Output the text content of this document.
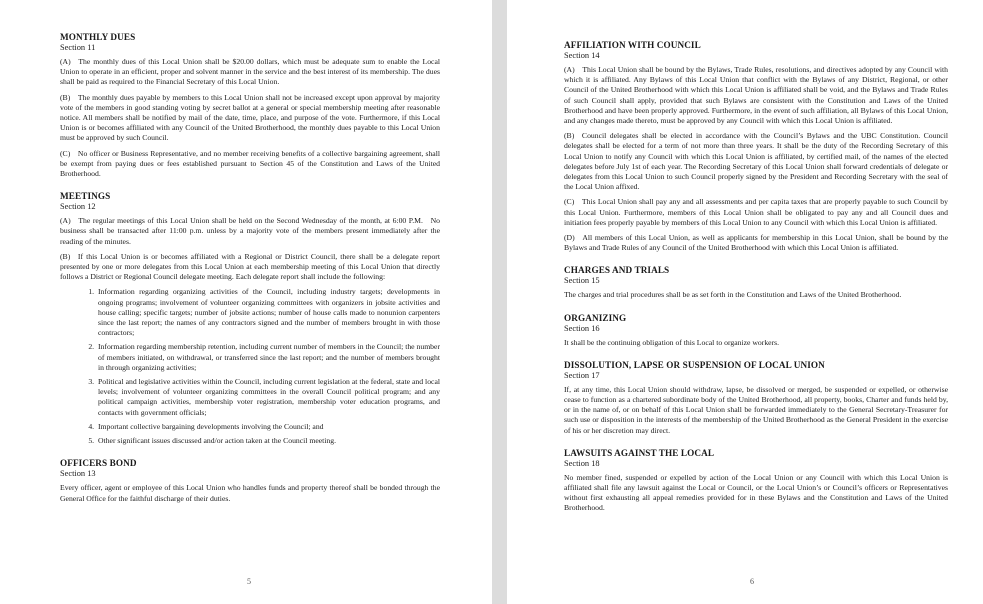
MONTHLY DUES
Section 11

(A) The monthly dues of this Local Union shall be $20.00 dollars, which must be adequate sum to enable the Local Union to operate in an efficient, proper and solvent manner in the service and the best interest of its membership. The dues shall be paid as required to the Financial Secretary of this Local Union.

(B) The monthly dues payable by members to this Local Union shall not be increased except upon approval by majority vote of the members in good standing voting by secret ballot at a general or special membership meeting after reasonable notice. All members shall be notified by mail of the date, time, place, and purpose of the vote. Furthermore, if this Local Union is or becomes affiliated with any Council of the United Brotherhood, the monthly dues payable to this Local Union must be approved by such Council.

(C) No officer or Business Representative, and no member receiving benefits of a collective bargaining agreement, shall be exempt from paying dues or fees established pursuant to Section 45 of the Constitution and Laws of the United Brotherhood.

MEETINGS
Section 12

(A) The regular meetings of this Local Union shall be held on the Second Wednesday of the month, at 6:00 P.M. No business shall be transacted after 11:00 p.m. unless by a majority vote of the members present immediately after the reading of the minutes.

(B) If this Local Union is or becomes affiliated with a Regional or District Council, there shall be a delegate report presented by one or more delegates from this Local Union at each membership meeting of this Local Union that directly follows a District or Regional Council delegate meeting. Each delegate report shall include the following:

1. Information regarding organizing activities of the Council, including industry targets; developments in ongoing programs; involvement of volunteer organizing committees with organizers in jobsite activities and house calling; specific targets; number of jobsite actions; number of house calls made to nonunion carpenters since the last report; the names of any contractors signed and the number of members brought in with those contractors;
2. Information regarding membership retention, including current number of members in the Council; the number of members initiated, on withdrawal, or transferred since the last report; and the number of members brought in through organizing activities;
3. Political and legislative activities within the Council, including current legislation at the federal, state and local levels; involvement of volunteer organizing committees in the overall Council political program; and any political campaign activities, membership voter registration, membership voter education programs, and contacts with government officials;
4. Important collective bargaining developments involving the Council; and
5. Other significant issues discussed and/or action taken at the Council meeting.
OFFICERS BOND
Section 13

Every officer, agent or employee of this Local Union who handles funds and property thereof shall be bonded through the General Office for the faithful discharge of their duties.

5
AFFILIATION WITH COUNCIL
Section 14

(A) This Local Union shall be bound by the Bylaws, Trade Rules, resolutions, and directives adopted by any Council with which it is affiliated. Any Bylaws of this Local Union that conflict with the Bylaws of any District, Regional, or other Council of the United Brotherhood with which this Local Union is affiliated shall be void, and the Bylaws and Trade Rules of such Council shall apply, provided that such Bylaws are consistent with the Constitution and Laws of the United Brotherhood and have been properly approved. Furthermore, in the event of such affiliation, all Bylaws of this Local Union, and any changes made thereto, must be approved by any Council with which this Local Union is affiliated.

(B) Council delegates shall be elected in accordance with the Council’s Bylaws and the UBC Constitution. Council delegates shall be elected for a term of not more than three years. It shall be the duty of the Recording Secretary of this Local Union to notify any Council with which this Local Union is affiliated, by certified mail, of the names of the elected delegates before July 1st of each year. The Recording Secretary of this Local Union shall forward credentials of delegate or delegates from this Local Union to such Council properly signed by the President and Recording Secretary with the seal of the Local Union affixed.

(C) This Local Union shall pay any and all assessments and per capita taxes that are properly payable to such Council by this Local Union. Furthermore, members of this Local Union shall be obligated to pay any and all Council dues and initiation fees properly payable by members of this Local Union to any Council with which this Local Union is affiliated.

(D) All members of this Local Union, as well as applicants for membership in this Local Union, shall be bound by the Bylaws and Trade Rules of any Council of the United Brotherhood with which this Local Union is affiliated.

CHARGES AND TRIALS
Section 15

The charges and trial procedures shall be as set forth in the Constitution and Laws of the United Brotherhood.

ORGANIZING
Section 16

It shall be the continuing obligation of this Local to organize workers.

DISSOLUTION, LAPSE OR SUSPENSION OF LOCAL UNION
Section 17

If, at any time, this Local Union should withdraw, lapse, be dissolved or merged, be suspended or expelled, or otherwise cease to function as a chartered subordinate body of the United Brotherhood, all property, books, Charter and funds held by, or in the name of, or on behalf of this Local Union shall be forwarded immediately to the General Secretary-Treasurer for such use or disposition in the interests of the membership of the United Brotherhood as the General President in the exercise of his or her discretion may direct.

LAWSUITS AGAINST THE LOCAL
Section 18

No member fined, suspended or expelled by action of the Local Union or any Council with which this Local Union is affiliated shall file any lawsuit against the Local or Council, or the Local Union’s or Council’s officers or Representatives without first exhausting all appeal remedies provided for in these Bylaws and the Constitution and Laws of the United Brotherhood.

6
